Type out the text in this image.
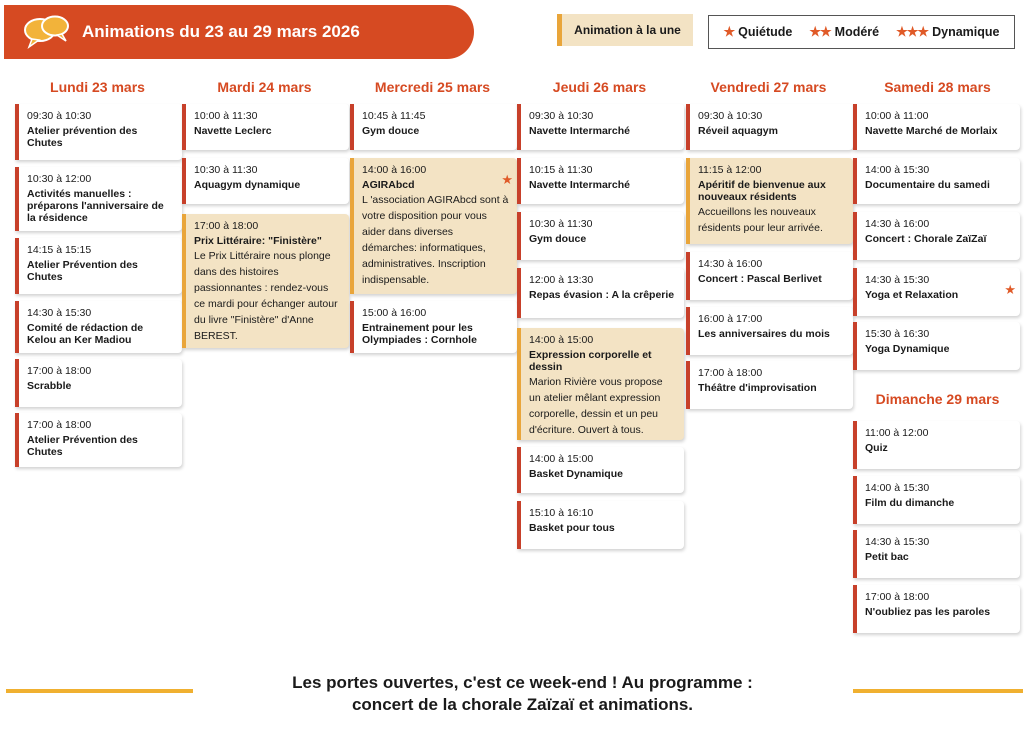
Animations du 23 au 29 mars 2026	Animation à la une	★ Quiétude ★★ Modéré ★★★ Dynamique
Lundi 23 mars	Mardi 24 mars	Mercredi 25 mars	Jeudi 26 mars	Vendredi 27 mars	Samedi 28 mars
Dimanche 29 mars
09:30 à 10:30
Atelier prévention des Chutes
10:30 à 12:00
Activités manuelles : préparons l'anniversaire de la résidence
14:15 à 15:15
Atelier Prévention des Chutes
14:30 à 15:30
Comité de rédaction de Kelou an Ker Madiou
17:00 à 18:00
Scrabble
17:00 à 18:00
Atelier Prévention des Chutes
10:00 à 11:30
Navette Leclerc
10:30 à 11:30
Aquagym dynamique
17:00 à 18:00
Prix Littéraire: "Finistère"
Le Prix Littéraire nous plonge dans des histoires passionnantes : rendez-vous ce mardi pour échanger autour du livre "Finistère" d'Anne BEREST.
10:45 à 11:45
Gym douce
★
14:00 à 16:00
AGIRAbcd
L 'association AGIRAbcd sont à votre disposition pour vous aider dans diverses démarches: informatiques, administratives. Inscription indispensable.
15:00 à 16:00
Entrainement pour les Olympiades : Cornhole
09:30 à 10:30
Navette Intermarché
10:15 à 11:30
Navette Intermarché
10:30 à 11:30
Gym douce
12:00 à 13:30
Repas évasion : A la crêperie
14:00 à 15:00
Expression corporelle et dessin
Marion Rivière vous propose un atelier mêlant expression corporelle, dessin et un peu d'écriture. Ouvert à tous.
14:00 à 15:00
Basket Dynamique
15:10 à 16:10
Basket pour tous
09:30 à 10:30
Réveil aquagym
11:15 à 12:00
Apéritif de bienvenue aux nouveaux résidents
Accueillons les nouveaux résidents pour leur arrivée.
14:30 à 16:00
Concert : Pascal Berlivet
16:00 à 17:00
Les anniversaires du mois
17:00 à 18:00
Théâtre d'improvisation
10:00 à 11:00
Navette Marché de Morlaix
14:00 à 15:30
Documentaire du samedi
14:30 à 16:00
Concert : Chorale ZaïZaï
★
14:30 à 15:30
Yoga et Relaxation
15:30 à 16:30
Yoga Dynamique
11:00 à 12:00
Quiz
14:00 à 15:30
Film du dimanche
14:30 à 15:30
Petit bac
17:00 à 18:00
N'oubliez pas les paroles
Les portes ouvertes, c'est ce week-end ! Au programme :
concert de la chorale Zaïzaï et animations.
